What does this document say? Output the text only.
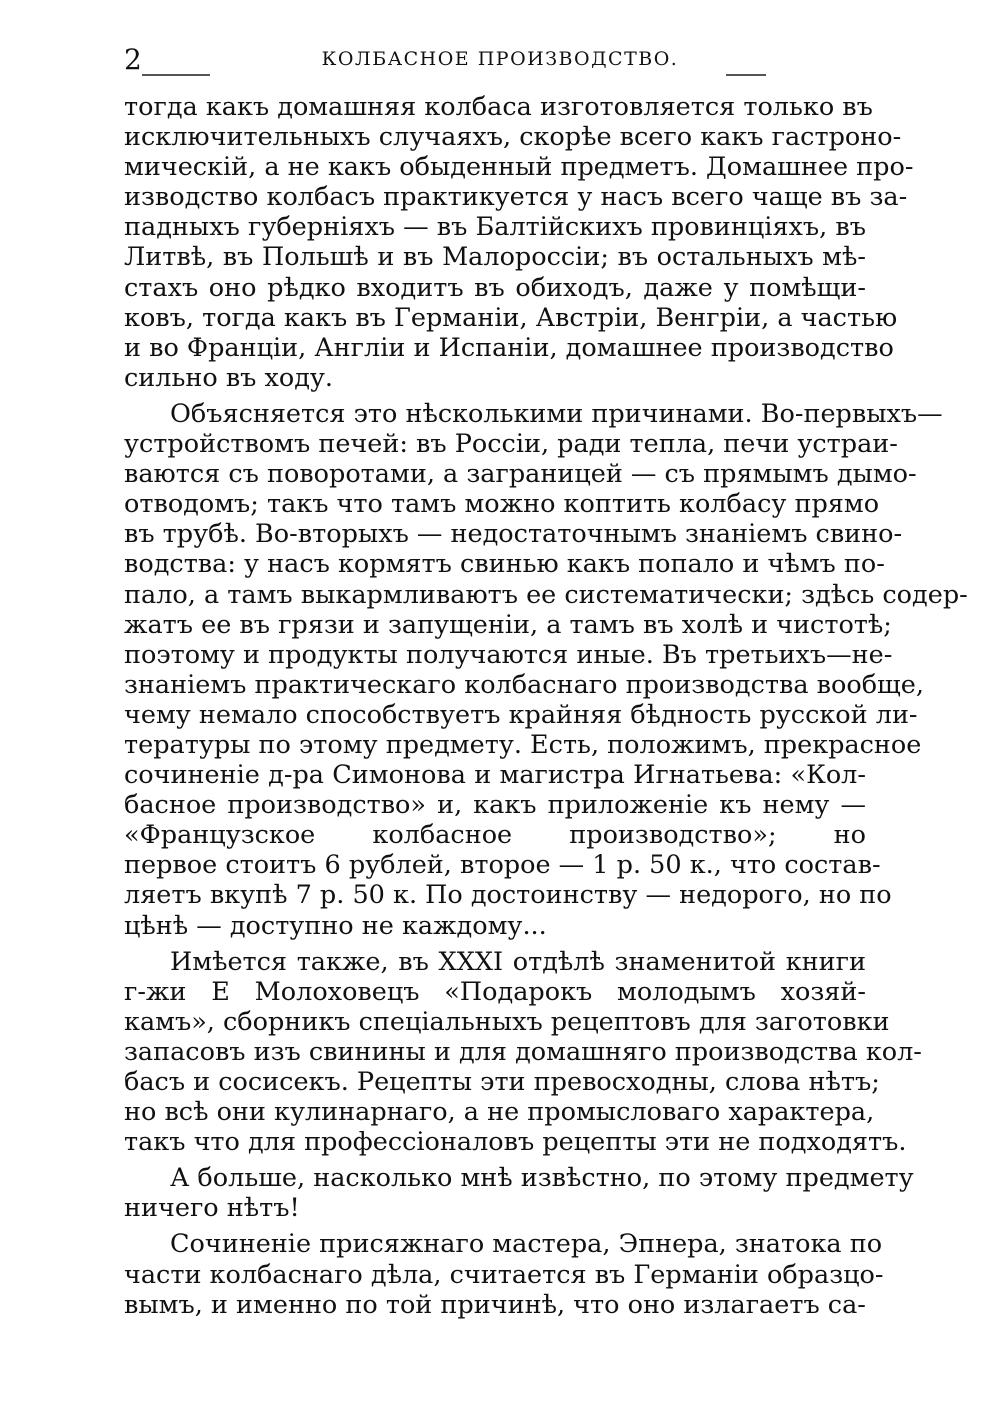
2	КОЛБАСНОЕ ПРОИЗВОДСТВО.
тогда какъ домашняя колбаса изготовляется только въ
исключительныхъ случаяхъ, скорѣе всего какъ гастроно-
мическій, а не какъ обыденный предметъ. Домашнее про-
изводство колбасъ практикуется у насъ всего чаще въ за-
падныхъ губерніяхъ — въ Балтійскихъ провинціяхъ, въ
Литвѣ, въ Польшѣ и въ Малороссіи; въ остальныхъ мѣ-
стахъ оно рѣдко входитъ въ обиходъ, даже у помѣщи-
ковъ, тогда какъ въ Германіи, Австріи, Венгріи, а частью
и во Франціи, Англіи и Испаніи, домашнее производство
сильно въ ходу.
Объясняется это нѣсколькими причинами. Во-первыхъ—
устройствомъ печей: въ Россіи, ради тепла, печи устраи-
ваются съ поворотами, а заграницей — съ прямымъ дымо-
отводомъ; такъ что тамъ можно коптить колбасу прямо
въ трубѣ. Во-вторыхъ — недостаточнымъ знаніемъ свино-
водства: у насъ кормятъ свинью какъ попало и чѣмъ по-
пало, а тамъ выкармливаютъ ее систематически; здѣсь содер-
жатъ ее въ грязи и запущеніи, а тамъ въ холѣ и чистотѣ;
поэтому и продукты получаются иные. Въ третьихъ—не-
знаніемъ практическаго колбаснаго производства вообще,
чему немало способствуетъ крайняя бѣдность русской ли-
тературы по этому предмету. Есть, положимъ, прекрасное
сочиненіе д-ра Симонова и магистра Игнатьева: «Кол-
басное производство» и, какъ приложеніе къ нему —
«Французское колбасное производство»; но
первое стоитъ 6 рублей, второе — 1 р. 50 к., что состав-
ляетъ вкупѣ 7 р. 50 к. По достоинству — недорого, но по
цѣнѣ — доступно не каждому...
Имѣется также, въ XXXI отдѣлѣ знаменитой книги
г-жи Е Молоховецъ «Подарокъ молодымъ хозяй-
камъ», сборникъ спеціальныхъ рецептовъ для заготовки
запасовъ изъ свинины и для домашняго производства кол-
басъ и сосисекъ. Рецепты эти превосходны, слова нѣтъ;
но всѣ они кулинарнаго, а не промысловаго характера,
такъ что для профессіоналовъ рецепты эти не подходятъ.
А больше, насколько мнѣ извѣстно, по этому предмету
ничего нѣтъ!
Сочиненіе присяжнаго мастера, Эпнера, знатока по
части колбаснаго дѣла, считается въ Германіи образцо-
вымъ, и именно по той причинѣ, что оно излагаетъ са-
